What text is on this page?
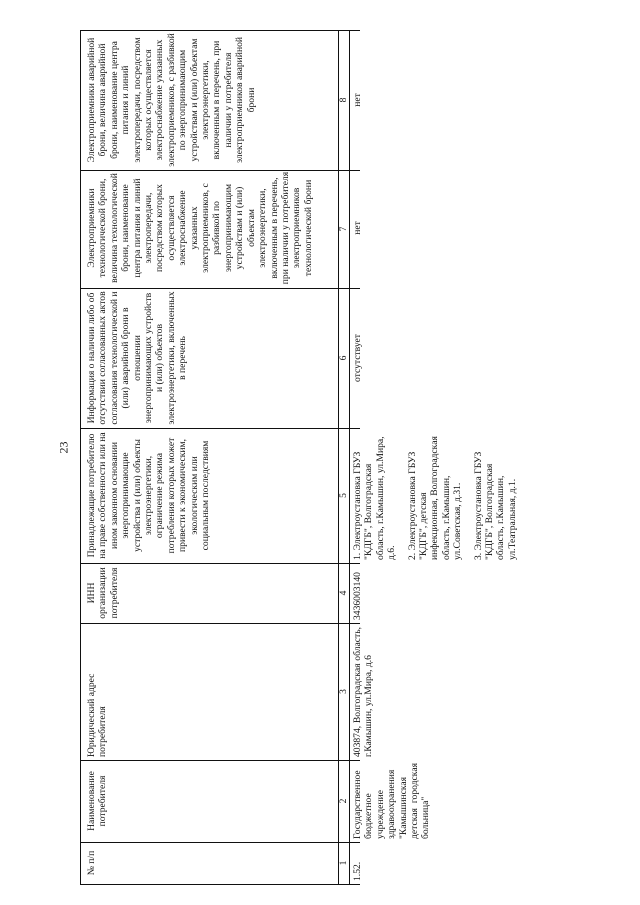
23
№ п/п
Наименование потребителя
Юридический адрес потребителя
ИНН организации потребителя
Принадлежащие потребителю на праве собственности или на ином законном основании энергопринимающие устройства и (или) объекты электроэнергетики, ограничение режима потребления которых может привести к экономическим, экологическим или социальным последствиям
Информация о наличии либо об отсутствии согласованных актов согласования технологической и (или) аварийной брони в отношении энергопринимающих устройств и (или) объектов электроэнергетики, включенных в перечень
Электроприемники технологической брони, величина технологической брони, наименование центра питания и линий электропередачи, посредством которых осуществляется электроснабжение указанных электроприемников, с разбивкой по энергопринимающим устройствам и (или) объектам электроэнергетики, включенным в перечень, при наличии у потребителя электроприемников технологической брони
Электроприемники аварийной брони, величина аварийной брони, наименование центра питания и линий электропередачи, посредством которых осуществляется электроснабжение указанных электроприемников, с разбивкой по энергопринимающим устройствам и (или) объектам электроэнергетики, включенным в перечень, при наличии у потребителя электроприемников аварийной брони
1
2
3
4
5
6
7
8
1.52.
Государственное бюджетное учреждение здравоохранения "Камышинская детская городская больница"
403874, Волгоградская область, г.Камышин, ул.Мира, д.6
3436003140
1. Электроустановка ГБУЗ "КДГБ", Волгоградская область, г.Камышин, ул.Мира, д.6. 2. Электроустановка ГБУЗ "КДГБ", детская инфекционная, Волгоградская область, г.Камышин, ул.Советская, д.31. 3. Электроустановка ГБУЗ "КДГБ", Волгоградская область, г.Камышин, ул.Театральная, д.1.
отсутствует
нет
нет
